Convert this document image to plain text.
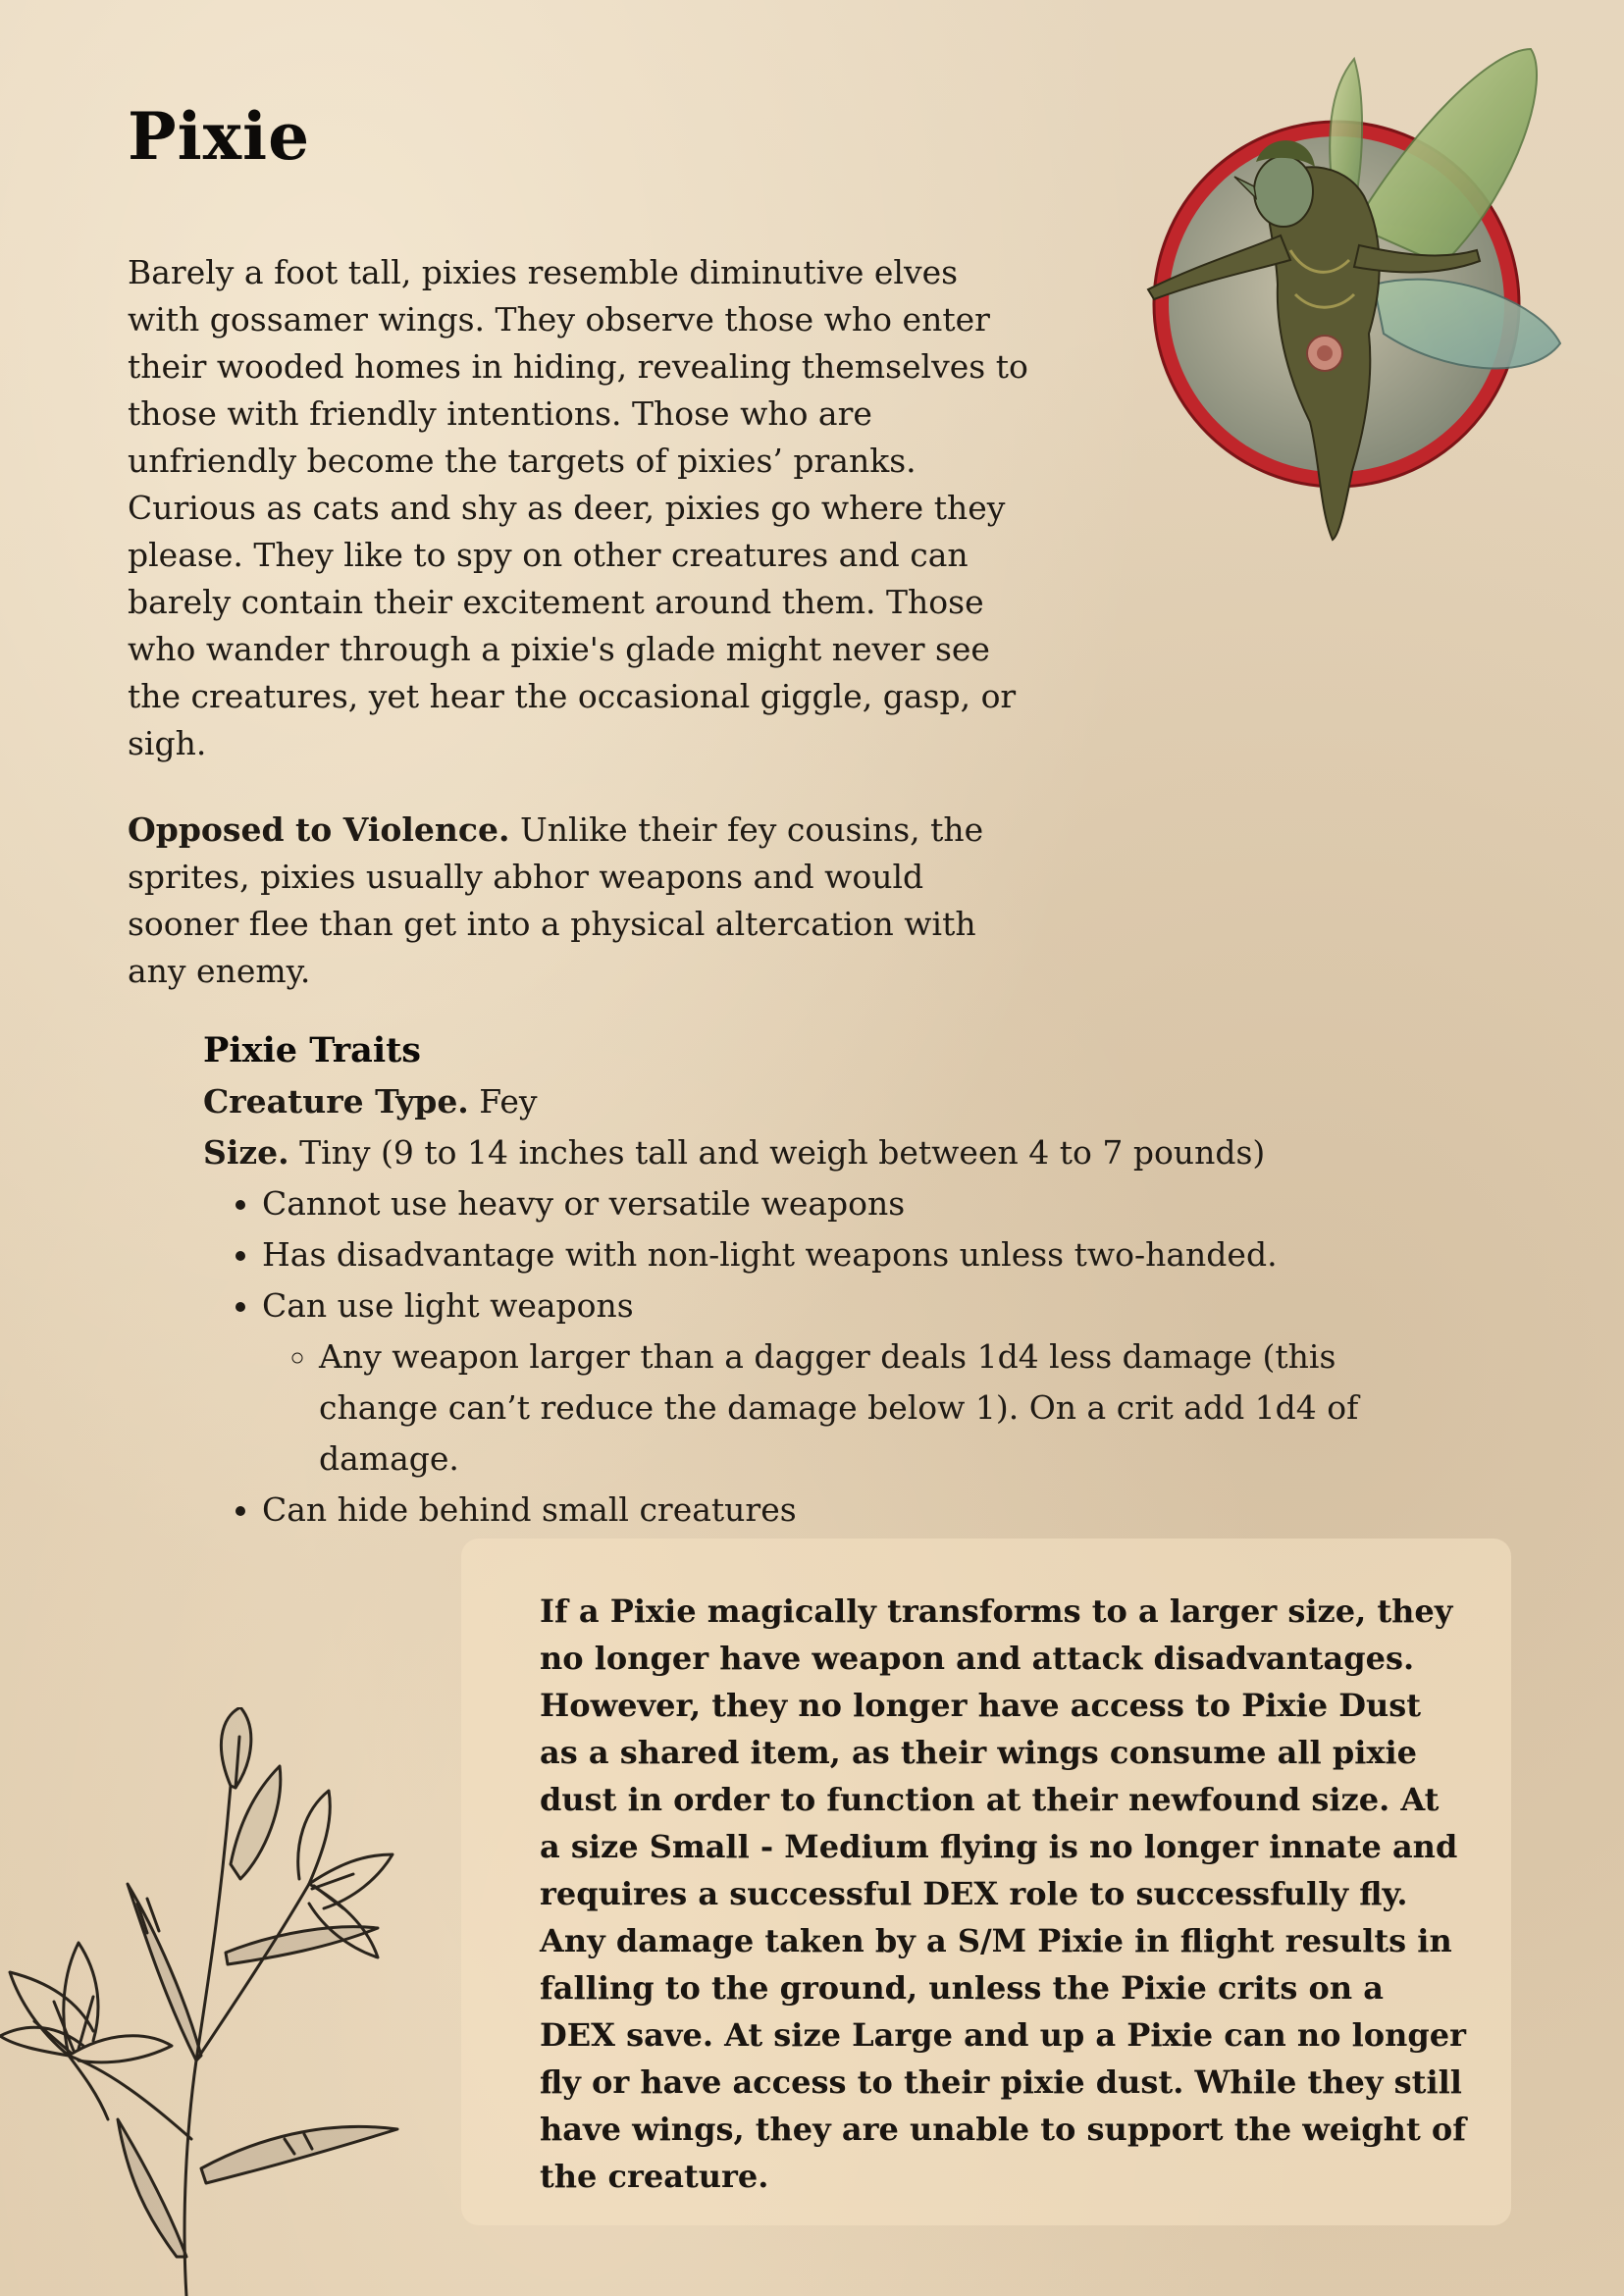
Pixie

Barely a foot tall, pixies resemble diminutive elves with gossamer wings. They observe those who enter their wooded homes in hiding, revealing themselves to those with friendly intentions. Those who are unfriendly become the targets of pixies’ pranks. Curious as cats and shy as deer, pixies go where they please. They like to spy on other creatures and can barely contain their excitement around them. Those who wander through a pixie's glade might never see the creatures, yet hear the occasional giggle, gasp, or sigh.

Opposed to Violence. Unlike their fey cousins, the sprites, pixies usually abhor weapons and would sooner flee than get into a physical altercation with any enemy.

Pixie Traits

Creature Type. Fey

Size. Tiny (9 to 14 inches tall and weigh between 4 to 7 pounds)

• Cannot use heavy or versatile weapons
• Has disadvantage with non-light weapons unless two-handed.
• Can use light weapons
◦ Any weapon larger than a dagger deals 1d4 less damage (this change can’t reduce the damage below 1). On a crit add 1d4 of damage.
• Can hide behind small creatures

If a Pixie magically transforms to a larger size, they no longer have weapon and attack disadvantages. However, they no longer have access to Pixie Dust as a shared item, as their wings consume all pixie dust in order to function at their newfound size. At a size Small - Medium flying is no longer innate and requires a successful DEX role to successfully fly. Any damage taken by a S/M Pixie in flight results in falling to the ground, unless the Pixie crits on a DEX save. At size Large and up a Pixie can no longer fly or have access to their pixie dust. While they still have wings, they are unable to support the weight of the creature.
